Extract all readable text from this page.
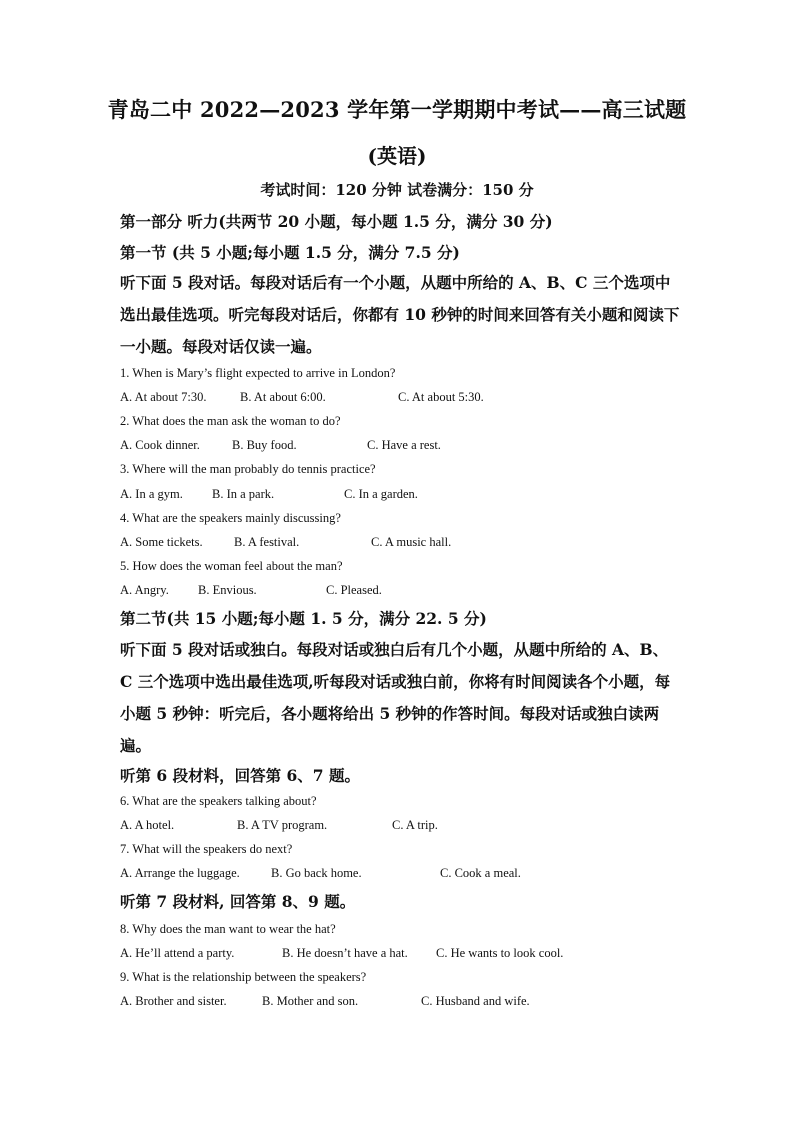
青岛二中 2022—2023 学年第一学期期中考试——高三试题
(英语)
考试时间：120 分钟 试卷满分：150 分
第一部分 听力(共两节 20 小题，每小题 1.5 分，满分 30 分)
第一节 (共 5 小题;每小题 1.5 分，满分 7.5 分)
听下面 5 段对话。每段对话后有一个小题，从题中所给的 A、B、C 三个选项中选出最佳选项。听完每段对话后，你都有 10 秒钟的时间来回答有关小题和阅读下一小题。每段对话仅读一遍。
1. When is Mary’s flight expected to arrive in London?
A. At about 7:30.	B. At about 6:00.	C. At about 5:30.
2. What does the man ask the woman to do?
A. Cook dinner.	B. Buy food.	C. Have a rest.
3. Where will the man probably do tennis practice?
A. In a gym. B. In a park.	C. In a garden.
4. What are the speakers mainly discussing?
A. Some tickets.	B. A festival.	C. A music hall.
5. How does the woman feel about the man?
A. Angry. B. Envious.	C. Pleased.
第二节(共 15 小题;每小题 1. 5 分，满分 22. 5 分)
听下面 5 段对话或独白。每段对话或独白后有几个小题，从题中所给的 A、B、C 三个选项中选出最佳选项,听每段对话或独白前，你将有时间阅读各个小题，每小题 5 秒钟：听完后，各小题将给出 5 秒钟的作答时间。每段对话或独白读两遍。
听第 6 段材料，回答第 6、7 题。
6. What are the speakers talking about?
A. A hotel.	B. A TV program.	C. A trip.
7. What will the speakers do next?
A. Arrange the luggage. B. Go back home.	C. Cook a meal.
听第 7 段材料, 回答第 8、9 题。
8. Why does the man want to wear the hat?
A. He’ll attend a party.	B. He doesn’t have a hat. C. He wants to look cool.
9. What is the relationship between the speakers?
A. Brother and sister.	B. Mother and son.	C. Husband and wife.
